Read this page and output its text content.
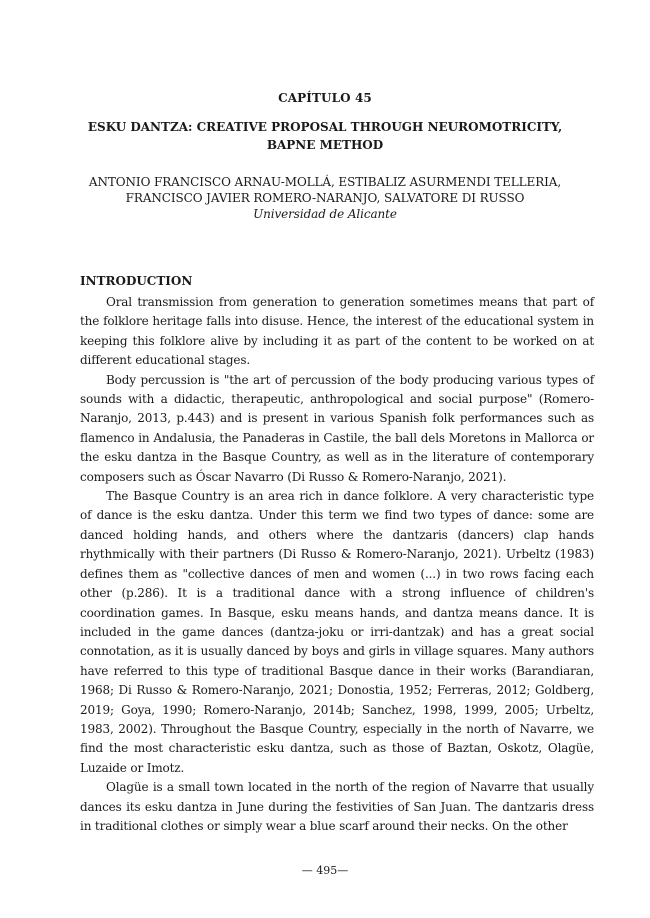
CAPÍTULO 45
ESKU DANTZA: CREATIVE PROPOSAL THROUGH NEUROMOTRICITY,
BAPNE METHOD
ANTONIO FRANCISCO ARNAU-MOLLÁ, ESTIBALIZ ASURMENDI TELLERIA,
FRANCISCO JAVIER ROMERO-NARANJO, SALVATORE DI RUSSO
Universidad de Alicante
INTRODUCTION

Oral transmission from generation to generation sometimes means that part of the folklore heritage falls into disuse. Hence, the interest of the educational system in keeping this folklore alive by including it as part of the content to be worked on at different educational stages.

Body percussion is "the art of percussion of the body producing various types of sounds with a didactic, therapeutic, anthropological and social purpose" (Romero-Naranjo, 2013, p.443) and is present in various Spanish folk performances such as flamenco in Andalusia, the Panaderas in Castile, the ball dels Moretons in Mallorca or the esku dantza in the Basque Country, as well as in the literature of contemporary composers such as Óscar Navarro (Di Russo & Romero-Naranjo, 2021).

The Basque Country is an area rich in dance folklore. A very characteristic type of dance is the esku dantza. Under this term we find two types of dance: some are danced holding hands, and others where the dantzaris (dancers) clap hands rhythmically with their partners (Di Russo & Romero-Naranjo, 2021). Urbeltz (1983) defines them as "collective dances of men and women (...) in two rows facing each other (p.286). It is a traditional dance with a strong influence of children's coordination games. In Basque, esku means hands, and dantza means dance. It is included in the game dances (dantza-joku or irri-dantzak) and has a great social connotation, as it is usually danced by boys and girls in village squares. Many authors have referred to this type of traditional Basque dance in their works (Barandiaran, 1968; Di Russo & Romero-Naranjo, 2021; Donostia, 1952; Ferreras, 2012; Goldberg, 2019; Goya, 1990; Romero-Naranjo, 2014b; Sanchez, 1998, 1999, 2005; Urbeltz, 1983, 2002). Throughout the Basque Country, especially in the north of Navarre, we find the most characteristic esku dantza, such as those of Baztan, Oskotz, Olagüe, Luzaide or Imotz.

Olagüe is a small town located in the north of the region of Navarre that usually dances its esku dantza in June during the festivities of San Juan. The dantzaris dress in traditional clothes or simply wear a blue scarf around their necks. On the other

— 495—
